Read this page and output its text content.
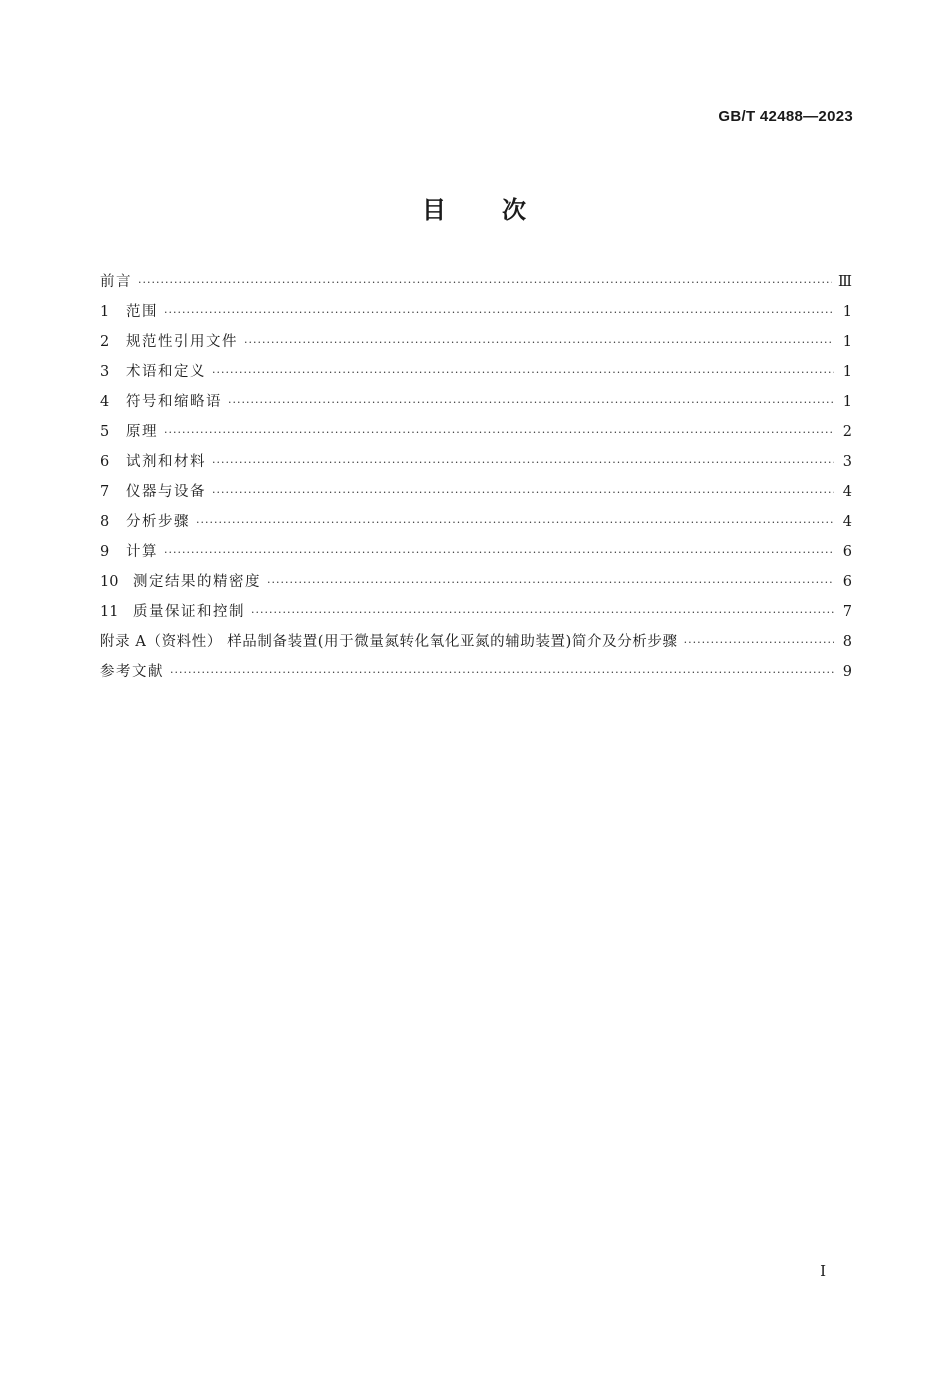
GB/T 42488—2023
目 次
前言 ·····	Ⅲ
1	范围 ·····	1
2	规范性引用文件 ·····	1
3	术语和定义 ·····	1
4	符号和缩略语 ·····	1
5	原理 ·····	2
6	试剂和材料 ·····	3
7	仪器与设备 ·····	4
8	分析步骤 ·····	4
9	计算 ·····	6
10	测定结果的精密度 ·····	6
11	质量保证和控制 ·····	7
附录 A（资料性） 样品制备装置(用于微量氮转化氧化亚氮的辅助装置)简介及分析步骤 ·····	8
参考文献 ·····	9
I
